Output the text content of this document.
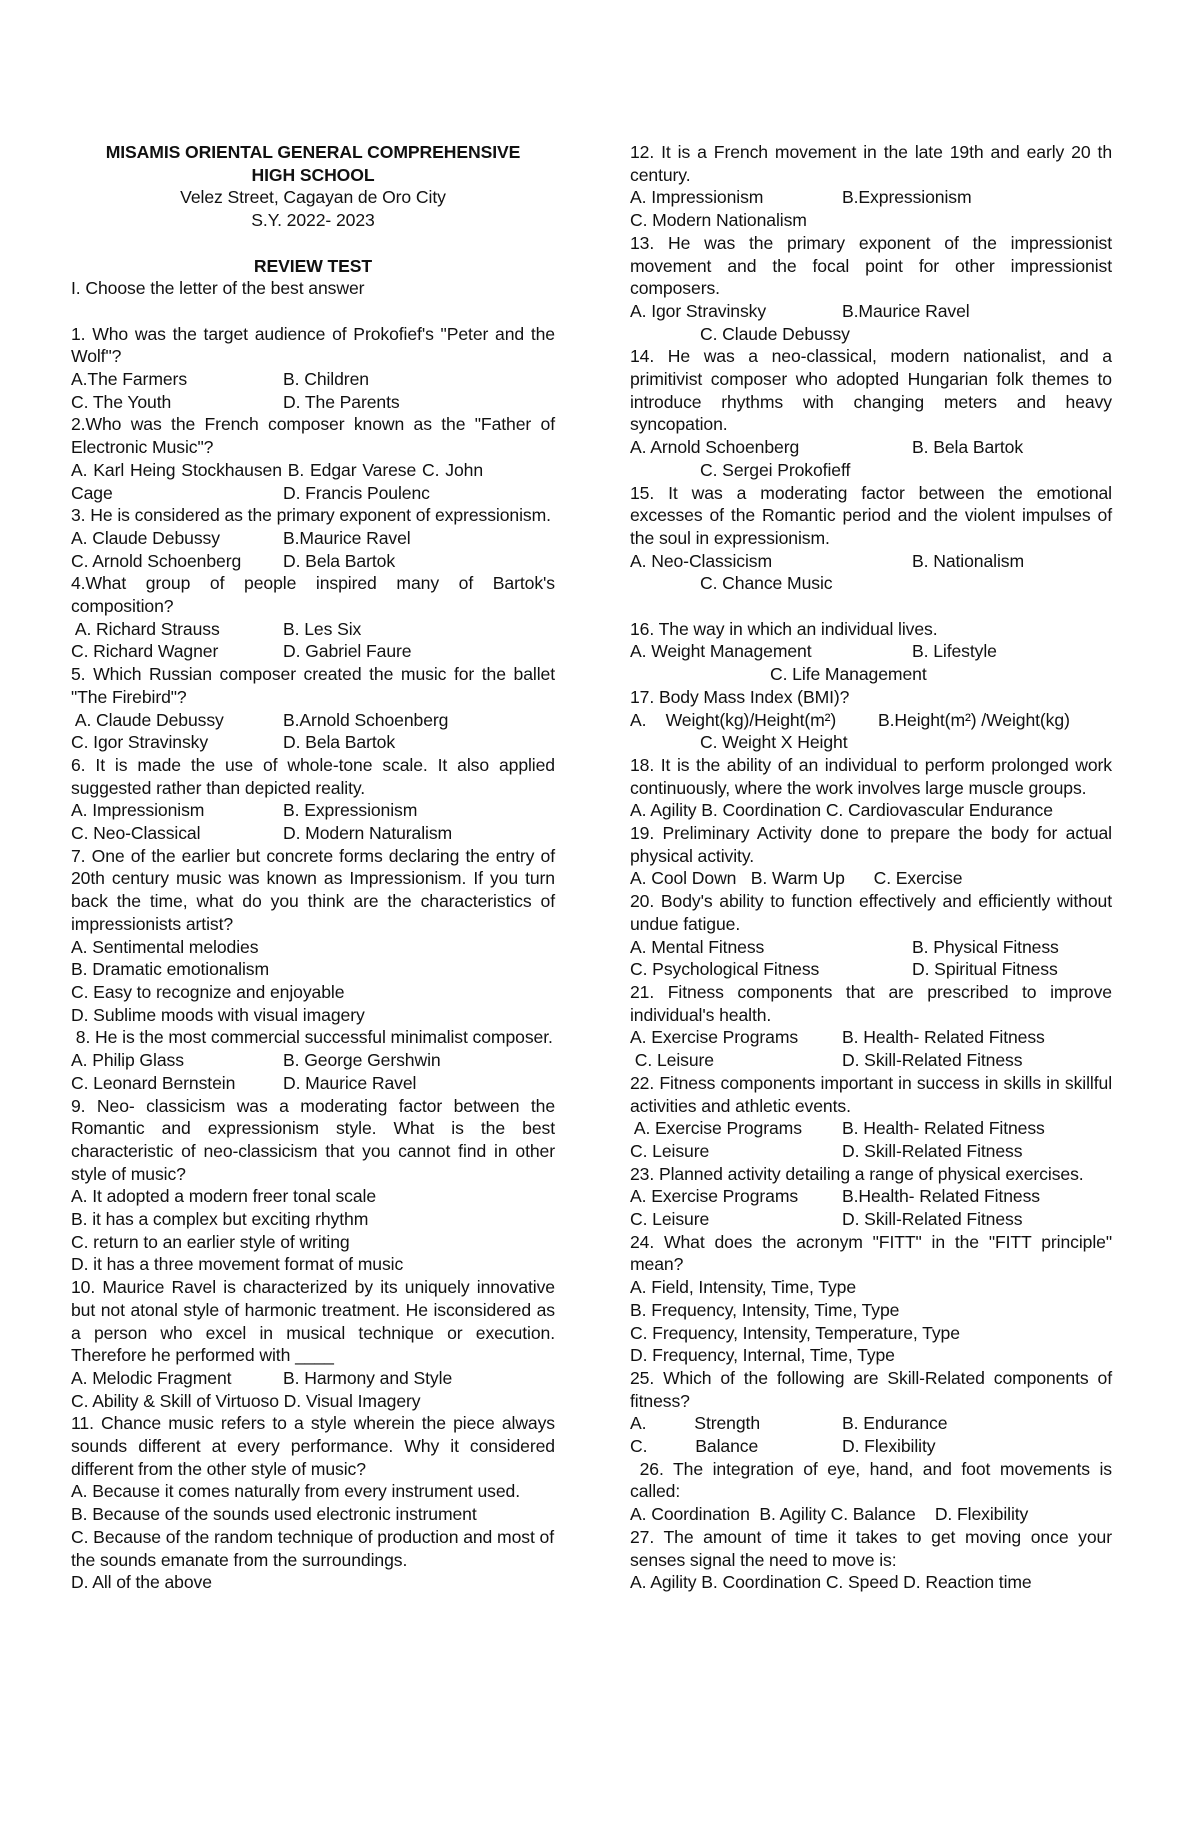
MISAMIS ORIENTAL GENERAL COMPREHENSIVE
HIGH SCHOOL
Velez Street, Cagayan de Oro City
S.Y. 2022- 2023
REVIEW TEST
I. Choose the letter of the best answer
1. Who was the target audience of Prokofief's "Peter and the Wolf"?
A.The Farmers	B. Children
C. The Youth	D. The Parents
2.Who was the French composer known as the "Father of Electronic Music"?
A. Karl Heing Stockhausen B. Edgar Varese C. John Cage	D. Francis Poulenc
3. He is considered as the primary exponent of expressionism.
A. Claude Debussy	B.Maurice Ravel
C. Arnold Schoenberg	D. Bela Bartok
4.What group of people inspired many of Bartok's composition?
A. Richard Strauss	B. Les Six
C. Richard Wagner	D. Gabriel Faure
5. Which Russian composer created the music for the ballet "The Firebird"?
A. Claude Debussy	B.Arnold Schoenberg
C. Igor Stravinsky	D. Bela Bartok
6. It is made the use of whole-tone scale. It also applied suggested rather than depicted reality.
A. Impressionism	B. Expressionism
C. Neo-Classical	D. Modern Naturalism
7. One of the earlier but concrete forms declaring the entry of 20th century music was known as Impressionism. If you turn back the time, what do you think are the characteristics of impressionists artist?
A. Sentimental melodies
B. Dramatic emotionalism
C. Easy to recognize and enjoyable
D. Sublime moods with visual imagery
8. He is the most commercial successful minimalist composer.
A. Philip Glass	B. George Gershwin
C. Leonard Bernstein	D. Maurice Ravel
9. Neo- classicism was a moderating factor between the Romantic and expressionism style. What is the best characteristic of neo-classicism that you cannot find in other style of music?
A. It adopted a modern freer tonal scale
B. it has a complex but exciting rhythm
C. return to an earlier style of writing
D. it has a three movement format of music
10. Maurice Ravel is characterized by its uniquely innovative but not atonal style of harmonic treatment. He isconsidered as a person who excel in musical technique or execution. Therefore he performed with ____
A. Melodic Fragment	B. Harmony and Style
C. Ability & Skill of Virtuoso D. Visual Imagery
11. Chance music refers to a style wherein the piece always sounds different at every performance. Why it considered different from the other style of music?
A. Because it comes naturally from every instrument used.
B. Because of the sounds used electronic instrument
C. Because of the random technique of production and most of the sounds emanate from the surroundings.
D. All of the above
12. It is a French movement in the late 19th and early 20 th century.
A. Impressionism	B.Expressionism
C. Modern Nationalism
13. He was the primary exponent of the impressionist movement and the focal point for other impressionist composers.
A. Igor Stravinsky	B.Maurice Ravel
C. Claude Debussy
14. He was a neo-classical, modern nationalist, and a primitivist composer who adopted Hungarian folk themes to introduce rhythms with changing meters and heavy syncopation.
A. Arnold Schoenberg	B. Bela Bartok
C. Sergei Prokofieff
15. It was a moderating factor between the emotional excesses of the Romantic period and the violent impulses of the soul in expressionism.
A. Neo-Classicism	B. Nationalism
C. Chance Music
16. The way in which an individual lives.
A. Weight Management	B. Lifestyle
C. Life Management
17. Body Mass Index (BMI)?
A.    Weight(kg)/Height(m²)	B.Height(m²) /Weight(kg)
C. Weight X Height
18. It is the ability of an individual to perform prolonged work continuously, where the work involves large muscle groups.
A. Agility B. Coordination C. Cardiovascular Endurance
19. Preliminary Activity done to prepare the body for actual physical activity.
A. Cool Down   B. Warm Up      C. Exercise
20. Body's ability to function effectively and efficiently without undue fatigue.
A. Mental Fitness	B. Physical Fitness
C. Psychological Fitness	D. Spiritual Fitness
21. Fitness components that are prescribed to improve individual's health.
A. Exercise Programs	B. Health- Related Fitness
C. Leisure	D. Skill-Related Fitness
22. Fitness components important in success in skills in skillful activities and athletic events.
A. Exercise Programs	B. Health- Related Fitness
C. Leisure	D. Skill-Related Fitness
23. Planned activity detailing a range of physical exercises.
A. Exercise Programs	B.Health- Related Fitness
C. Leisure	D. Skill-Related Fitness
24. What does the acronym "FITT" in the "FITT principle" mean?
A. Field, Intensity, Time, Type
B. Frequency, Intensity, Time, Type
C. Frequency, Intensity, Temperature, Type
D. Frequency, Internal, Time, Type
25. Which of the following are Skill-Related components of fitness?
A.          Strength	B. Endurance
C.          Balance	D. Flexibility
26. The integration of eye, hand, and foot movements is called:
A. Coordination  B. Agility C. Balance    D. Flexibility
27. The amount of time it takes to get moving once your senses signal the need to move is:
A. Agility B. Coordination C. Speed D. Reaction time
